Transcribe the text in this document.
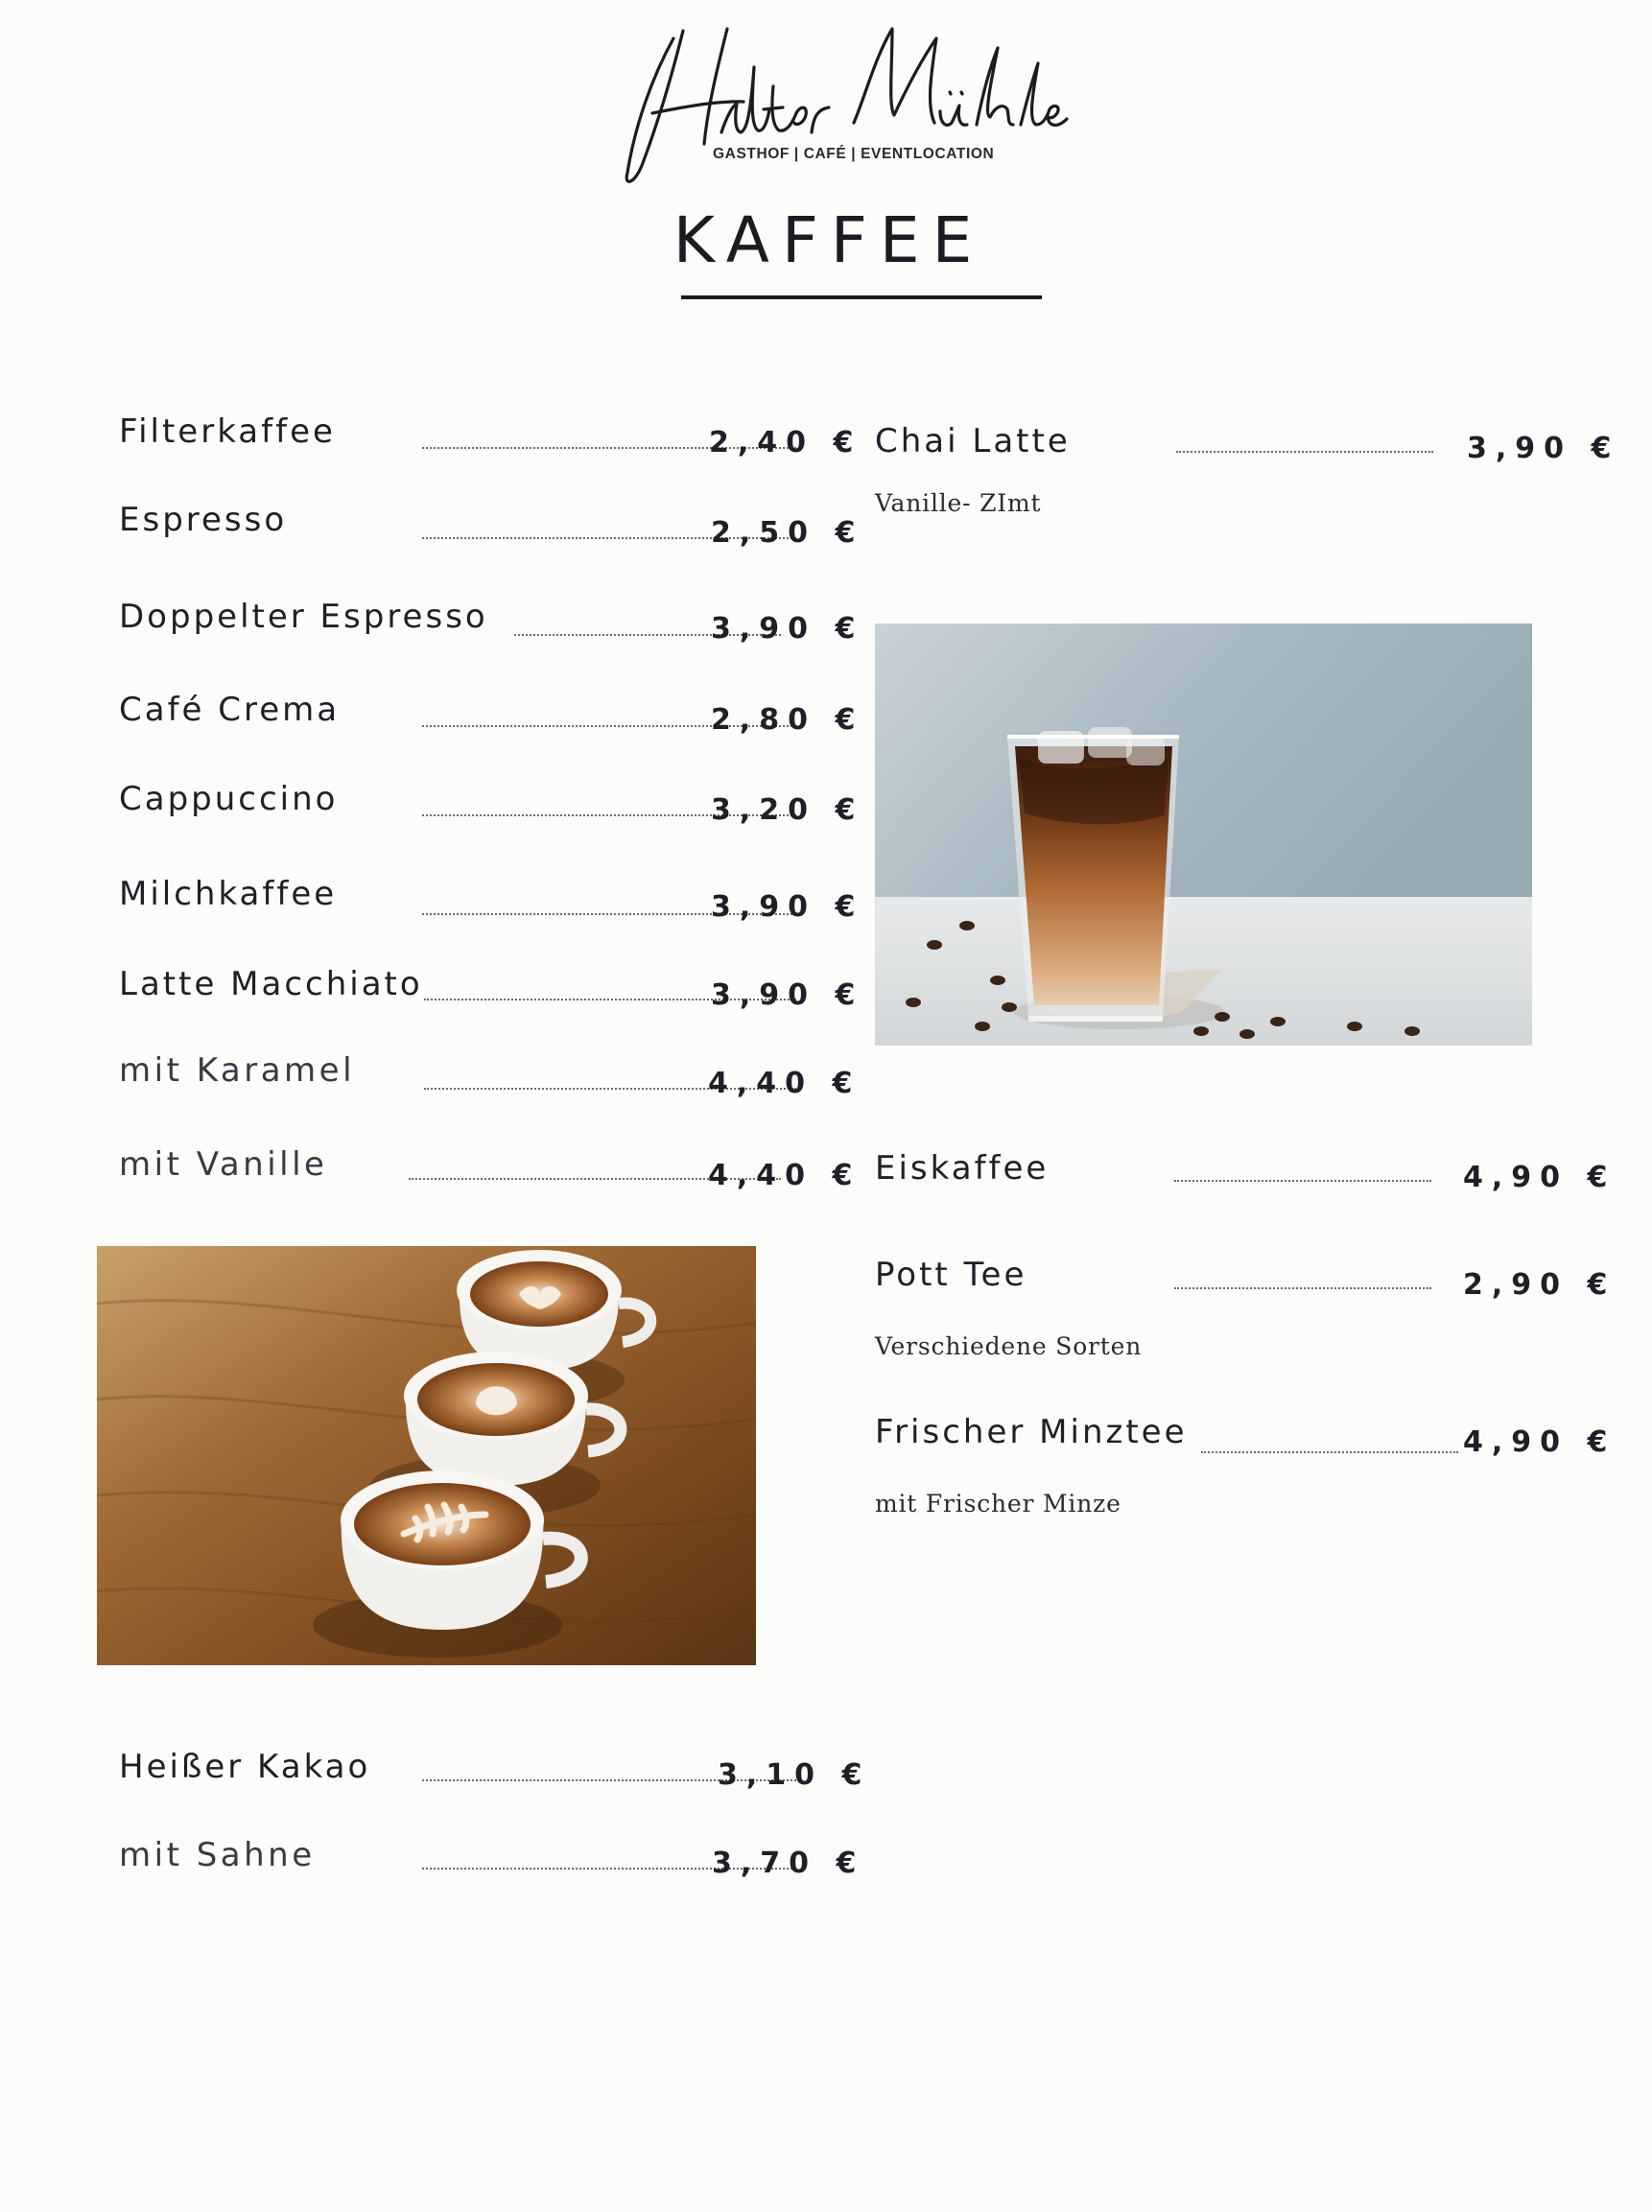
GASTHOF | CAFÉ | EVENTLOCATION
KAFFEE
Filterkaffee	2,40 €
Espresso	2,50 €
Doppelter Espresso	3,90 €
Café Crema	2,80 €
Cappuccino	3,20 €
Milchkaffee	3,90 €
Latte Macchiato	3,90 €
mit Karamel	4,40 €
mit Vanille	4,40 €
Heißer Kakao	3,10 €
mit Sahne	3,70 €
Chai Latte	3,90 €
Vanille- ZImt
Eiskaffee	4,90 €
Pott Tee	2,90 €
Verschiedene Sorten
Frischer Minztee	4,90 €
mit Frischer Minze
